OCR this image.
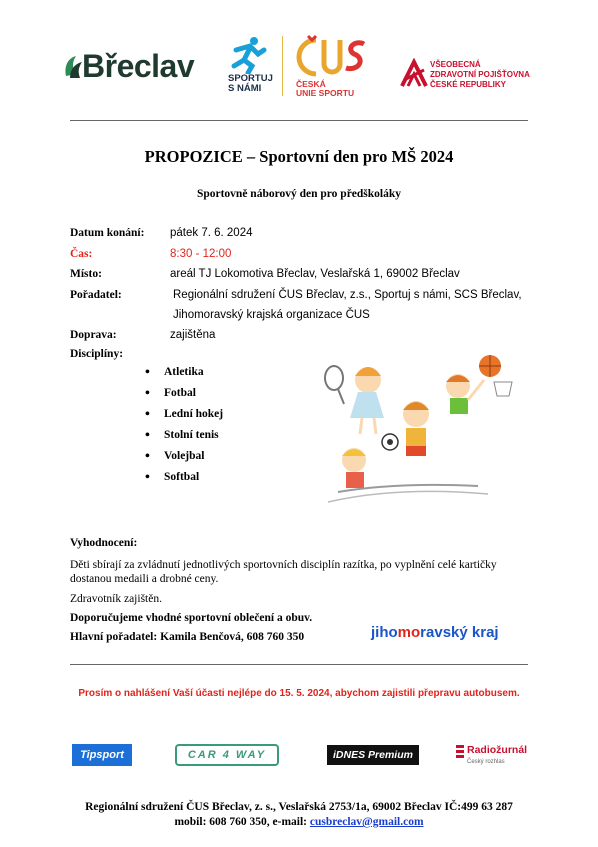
Břeclav	SPORTUJ
S NÁMI	ČESKÁ
UNIE SPORTU
VŠEOBECNÁ
ZDRAVOTNÍ POJIŠŤOVNA
ČESKÉ REPUBLIKY
PROPOZICE – Sportovní den pro MŠ 2024
Sportovně náborový den pro předškoláky
Datum konání: pátek 7. 6. 2024
Čas:	8:30 - 12:00
Místo:	areál TJ Lokomotiva Břeclav, Veslařská 1, 69002 Břeclav
Pořadatel:	Regionální sdružení ČUS Břeclav, z.s., Sportuj s námi, SCS Břeclav,
Jihomoravský krajská organizace ČUS
Doprava:	zajištěna
Disciplíny:
• Atletika
• Fotbal
• Lední hokej
• Stolní tenis
• Volejbal
• Softbal
Vyhodnocení:
Děti sbírají za zvládnutí jednotlivých sportovních disciplín razítka, po vyplnění celé kartičky
dostanou medaili a drobné ceny.
Zdravotník zajištěn.
Doporučujeme vhodné sportovní oblečení a obuv.
Hlavní pořadatel: Kamila Benčová, 608 760 350	jihomoravský kraj
Prosím o nahlášení Vaší účasti nejlépe do 15. 5. 2024, abychom zajistili přepravu autobusem.
Tipsport	CAR 4 WAY	iDNES Premium	Radiožurnál
Český rozhlas
Regionální sdružení ČUS Břeclav, z. s., Veslařská 2753/1a, 69002 Břeclav IČ:499 63 287
mobil: 608 760 350, e-mail: cusbreclav@gmail.com
